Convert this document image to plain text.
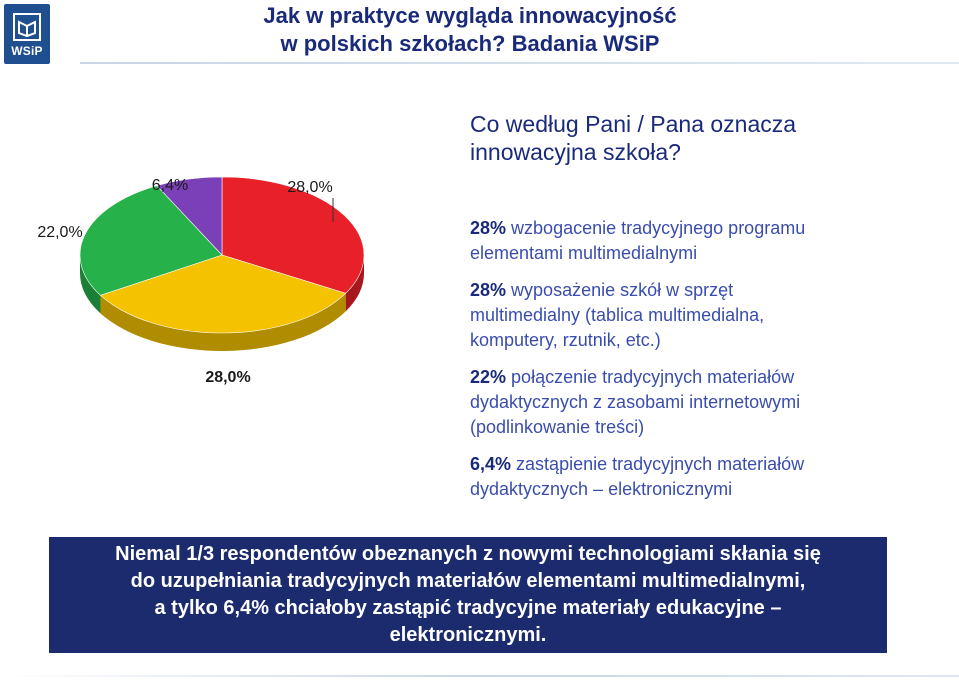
WSiP
Jak w praktyce wygląda innowacyjność
w polskich szkołach? Badania WSiP
28,0%
28,0%
22,0%
6,4%
Co według Pani / Pana oznacza
innowacyjna szkoła?
28% wzbogacenie tradycyjnego programu
elementami multimedialnymi
28% wyposażenie szkół w sprzęt
multimedialny (tablica multimedialna,
komputery, rzutnik, etc.)
22% połączenie tradycyjnych materiałów
dydaktycznych z zasobami internetowymi
(podlinkowanie treści)
6,4% zastąpienie tradycyjnych materiałów
dydaktycznych – elektronicznymi
Niemal 1/3 respondentów obeznanych z nowymi technologiami skłania się
do uzupełniania tradycyjnych materiałów elementami multimedialnymi,
a tylko 6,4% chciałoby zastąpić tradycyjne materiały edukacyjne –
elektronicznymi.
